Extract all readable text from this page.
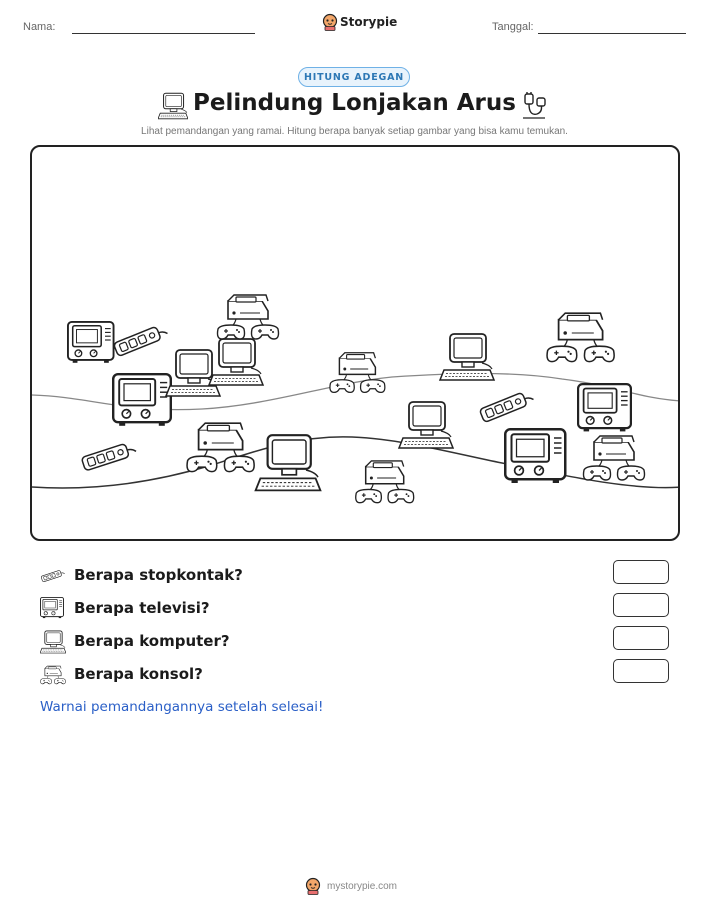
Nama:	Storypie	Tanggal:
HITUNG ADEGAN
Pelindung Lonjakan Arus
Lihat pemandangan yang ramai. Hitung berapa banyak setiap gambar yang bisa kamu temukan.
Berapa stopkontak?
Berapa televisi?
Berapa komputer?
Berapa konsol?
Warnai pemandangannya setelah selesai!
mystorypie.com
